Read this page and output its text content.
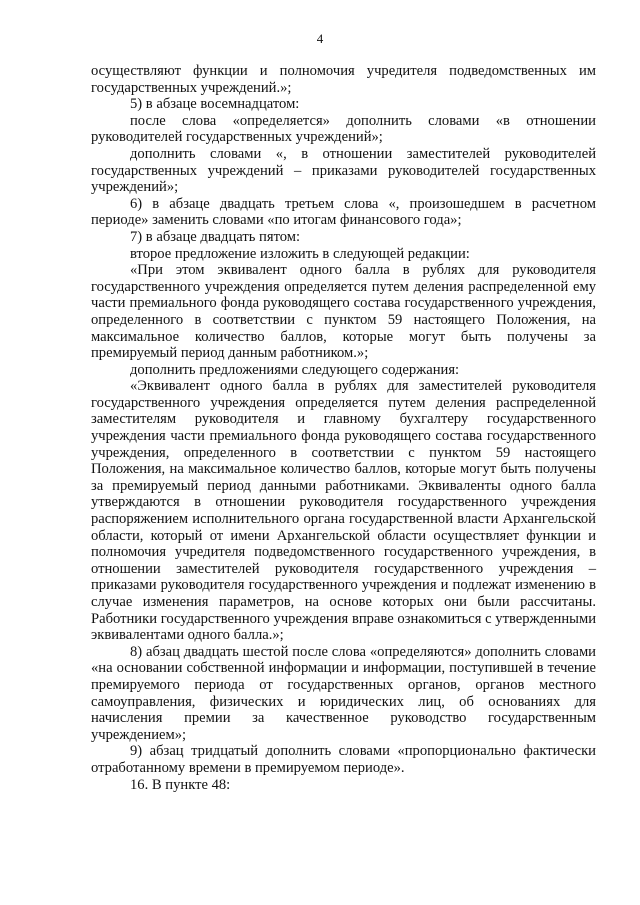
4

осуществляют функции и полномочия учредителя подведомственных им государственных учреждений.»;

5) в абзаце восемнадцатом:

после слова «определяется» дополнить словами «в отношении руководителей государственных учреждений»;

дополнить словами «, в отношении заместителей руководителей государственных учреждений – приказами руководителей государственных учреждений»;

6) в абзаце двадцать третьем слова «, произошедшем в расчетном периоде» заменить словами «по итогам финансового года»;

7) в абзаце двадцать пятом:

второе предложение изложить в следующей редакции:

«При этом эквивалент одного балла в рублях для руководителя государственного учреждения определяется путем деления распределенной ему части премиального фонда руководящего состава государственного учреждения, определенного в соответствии с пунктом 59 настоящего Положения, на максимальное количество баллов, которые могут быть получены за премируемый период данным работником.»;

дополнить предложениями следующего содержания:

«Эквивалент одного балла в рублях для заместителей руководителя государственного учреждения определяется путем деления распределенной заместителям руководителя и главному бухгалтеру государственного учреждения части премиального фонда руководящего состава государственного учреждения, определенного в соответствии с пунктом 59 настоящего Положения, на максимальное количество баллов, которые могут быть получены за премируемый период данными работниками. Эквиваленты одного балла утверждаются в отношении руководителя государственного учреждения распоряжением исполнительного органа государственной власти Архангельской области, который от имени Архангельской области осуществляет функции и полномочия учредителя подведомственного государственного учреждения, в отношении заместителей руководителя государственного учреждения – приказами руководителя государственного учреждения и подлежат изменению в случае изменения параметров, на основе которых они были рассчитаны. Работники государственного учреждения вправе ознакомиться с утвержденными эквивалентами одного балла.»;

8) абзац двадцать шестой после слова «определяются» дополнить словами «на основании собственной информации и информации, поступившей в течение премируемого периода от государственных органов, органов местного самоуправления, физических и юридических лиц, об основаниях для начисления премии за качественное руководство государственным учреждением»;

9) абзац тридцатый дополнить словами «пропорционально фактически отработанному времени в премируемом периоде».

16. В пункте 48:
